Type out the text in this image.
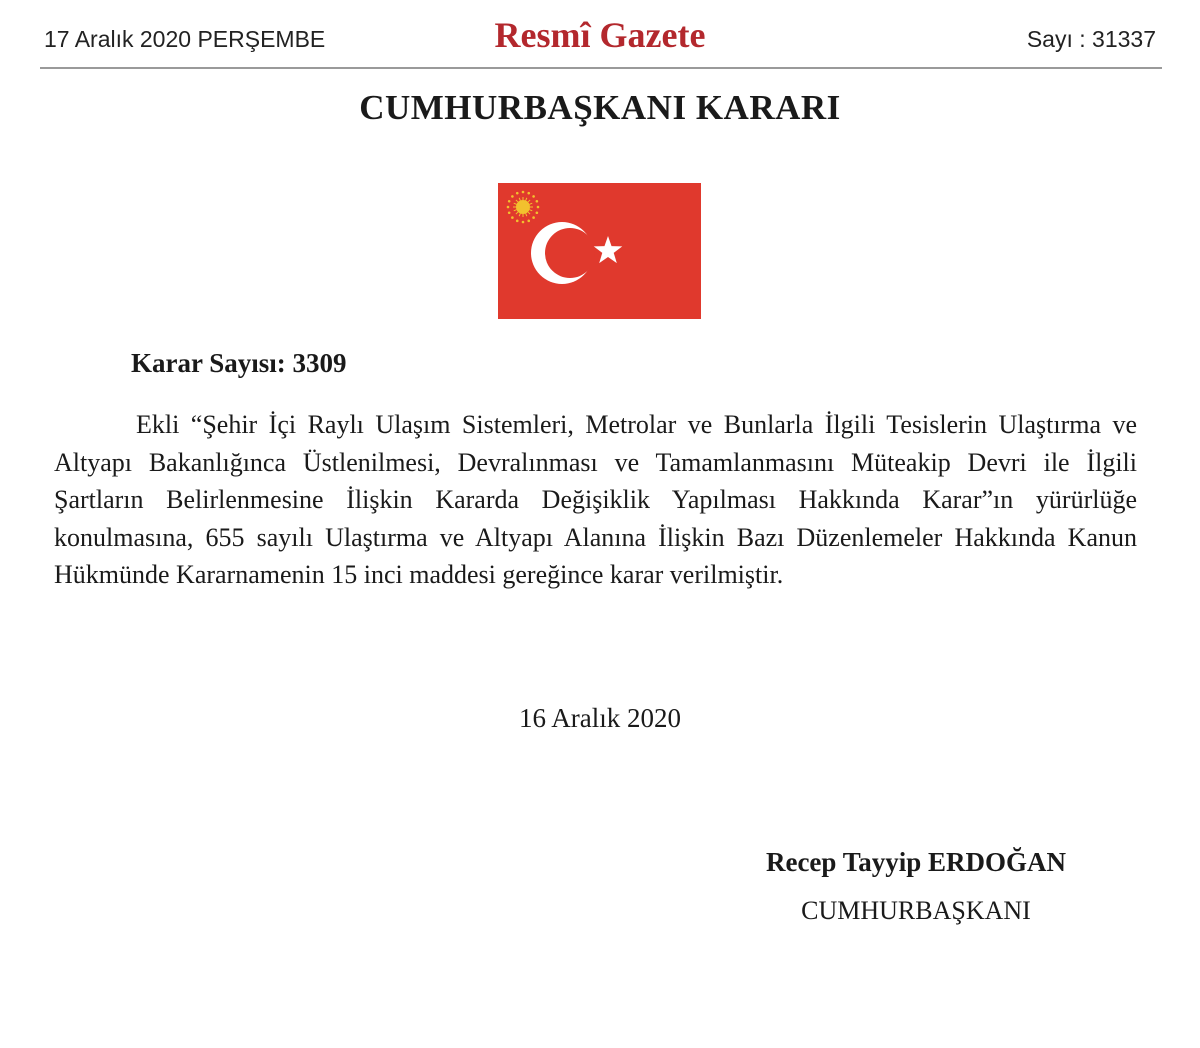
17 Aralık 2020 PERŞEMBE	Resmî Gazete	Sayı : 31337
CUMHURBAŞKANI KARARI
Karar Sayısı: 3309

Ekli “Şehir İçi Raylı Ulaşım Sistemleri, Metrolar ve Bunlarla İlgili Tesislerin Ulaştırma ve Altyapı Bakanlığınca Üstlenilmesi, Devralınması ve Tamamlanmasını Müteakip Devri ile İlgili Şartların Belirlenmesine İlişkin Kararda Değişiklik Yapılması Hakkında Karar”ın yürürlüğe konulmasına, 655 sayılı Ulaştırma ve Altyapı Alanına İlişkin Bazı Düzenlemeler Hakkında Kanun Hükmünde Kararnamenin 15 inci maddesi gereğince karar verilmiştir.

16 Aralık 2020
Recep Tayyip ERDOĞAN
CUMHURBAŞKANI
